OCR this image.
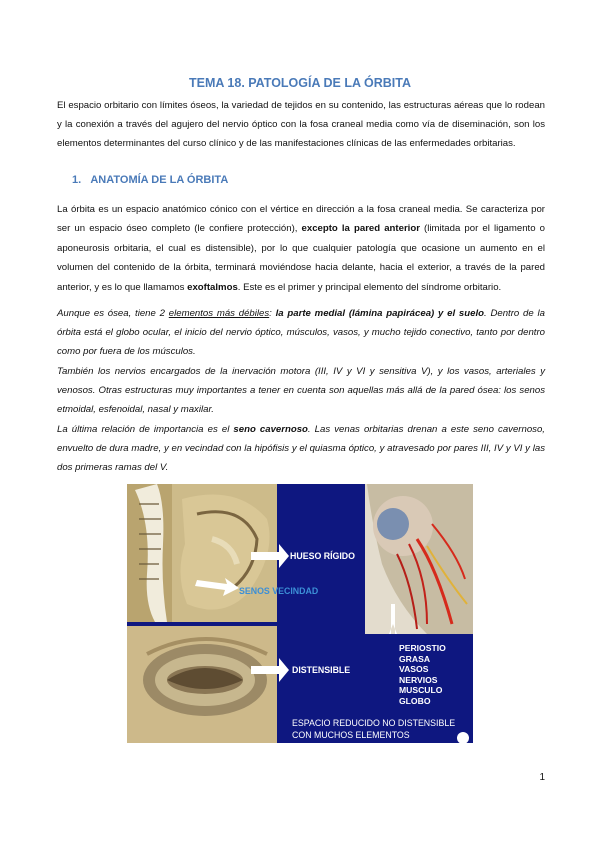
TEMA 18. PATOLOGÍA DE LA ÓRBITA

El espacio orbitario con límites óseos, la variedad de tejidos en su contenido, las estructuras aéreas que lo rodean y la conexión a través del agujero del nervio óptico con la fosa craneal media como vía de diseminación, son los elementos determinantes del curso clínico y de las manifestaciones clínicas de las enfermedades orbitarias.

1. ANATOMÍA DE LA ÓRBITA

La órbita es un espacio anatómico cónico con el vértice en dirección a la fosa craneal media. Se caracteriza por ser un espacio óseo completo (le confiere protección), excepto la pared anterior (limitada por el ligamento o aponeurosis orbitaria, el cual es distensible), por lo que cualquier patología que ocasione un aumento en el volumen del contenido de la órbita, terminará moviéndose hacia delante, hacia el exterior, a través de la pared anterior, y es lo que llamamos exoftalmos. Este es el primer y principal elemento del síndrome orbitario.

Aunque es ósea, tiene 2 elementos más débiles: la parte medial (lámina papirácea) y el suelo. Dentro de la órbita está el globo ocular, el inicio del nervio óptico, músculos, vasos, y mucho tejido conectivo, tanto por dentro como por fuera de los músculos.

También los nervios encargados de la inervación motora (III, IV y VI y sensitiva V), y los vasos, arteriales y venosos. Otras estructuras muy importantes a tener en cuenta son aquellas más allá de la pared ósea: los senos etmoidal, esfenoidal, nasal y maxilar.

La última relación de importancia es el seno cavernoso. Las venas orbitarias drenan a este seno cavernoso, envuelto de dura madre, y en vecindad con la hipófisis y el quiasma óptico, y atravesado por pares III, IV y VI y las dos primeras ramas del V.

HUESO RÍGIDO
SENOS VECINDAD
DISTENSIBLE
PERIOSTIO
GRASA
VASOS
NERVIOS
MUSCULO
GLOBO
ESPACIO REDUCIDO NO DISTENSIBLE
CON MUCHOS ELEMENTOS
1
